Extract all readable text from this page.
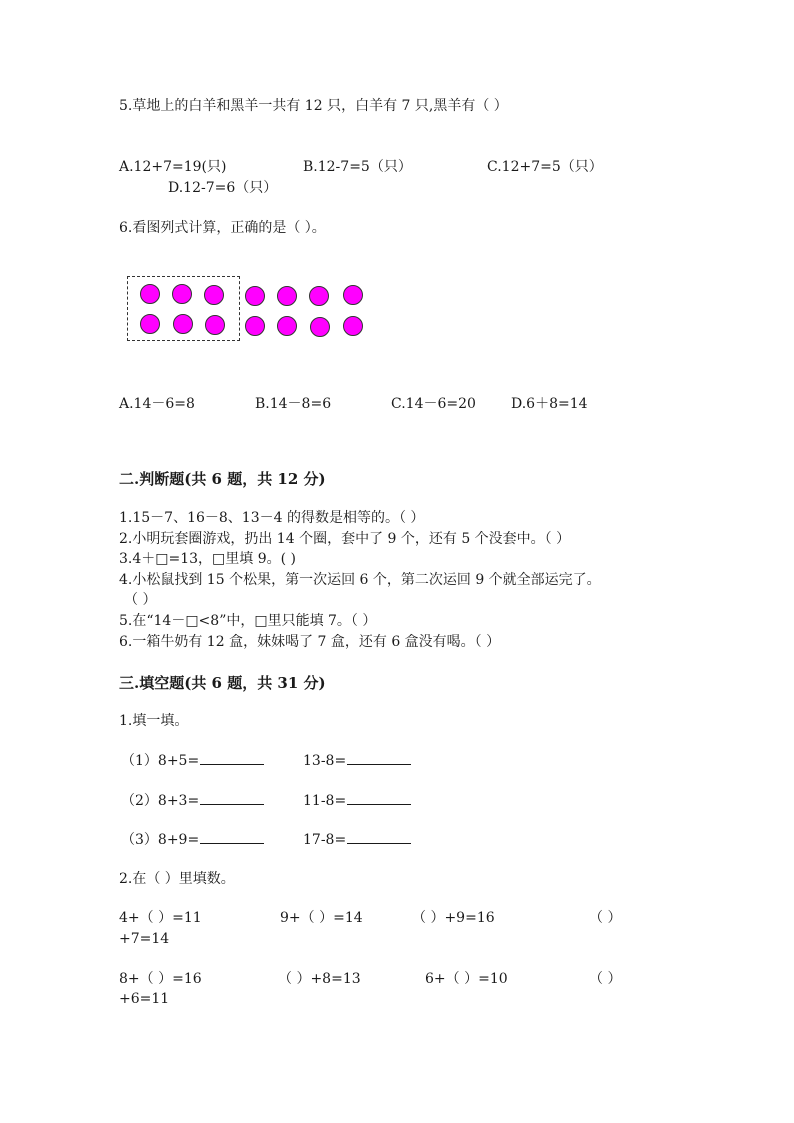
5.草地上的白羊和黑羊一共有 12 只，白羊有 7 只,黑羊有（ ）
A.12+7=19(只)	B.12-7=5（只）	C.12+7=5（只）
D.12-7=6（只）
6.看图列式计算，正确的是（ ）。
A.14－6=8	B.14－8=6	C.14－6=20	D.6＋8=14
二.判断题(共 6 题，共 12 分)
1.15－7、16－8、13－4 的得数是相等的。（ ）
2.小明玩套圈游戏，扔出 14 个圈，套中了 9 个，还有 5 个没套中。（ ）
3.4＋□=13，□里填 9。( )
4.小松鼠找到 15 个松果，第一次运回 6 个，第二次运回 9 个就全部运完了。
（ ）
5.在“14－□<8”中，□里只能填 7。（ ）
6.一箱牛奶有 12 盒，妹妹喝了 7 盒，还有 6 盒没有喝。（ ）
三.填空题(共 6 题，共 31 分)
1.填一填。
（1）8+5=	13-8=
（2）8+3=	11-8=
（3）8+9=	17-8=
2.在（ ）里填数。
4+（ ）=11	9+（ ）=14	（ ）+9=16	（ ）
+7=14
8+（ ）=16	（ ）+8=13	6+（ ）=10	（ ）
+6=11
